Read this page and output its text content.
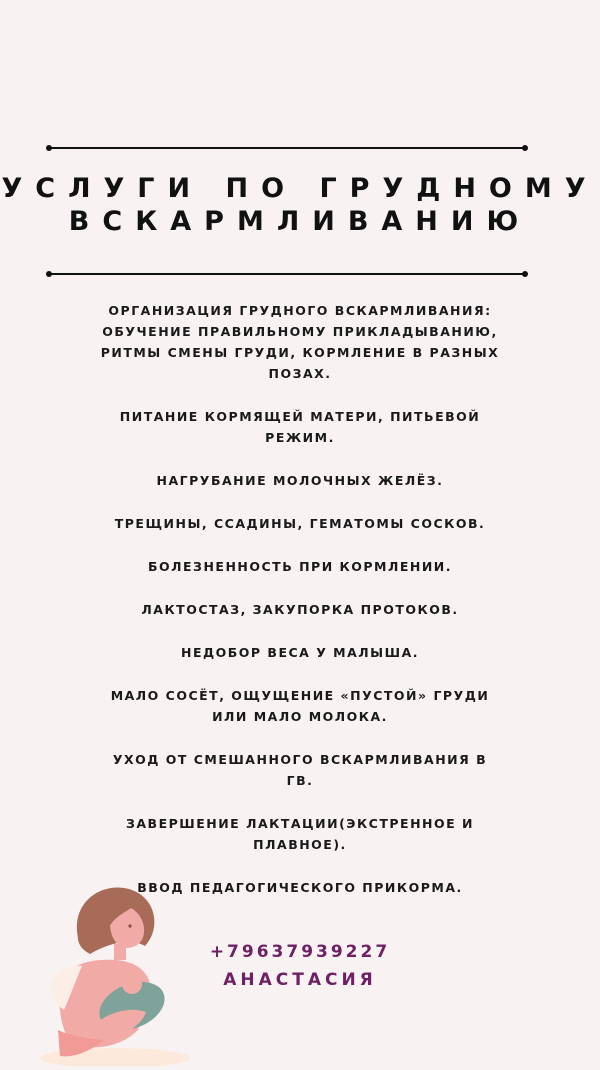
УСЛУГИ ПО ГРУДНОМУ ВСКАРМЛИВАНИЮ
ОРГАНИЗАЦИЯ ГРУДНОГО ВСКАРМЛИВАНИЯ: ОБУЧЕНИЕ ПРАВИЛЬНОМУ ПРИКЛАДЫВАНИЮ, РИТМЫ СМЕНЫ ГРУДИ, КОРМЛЕНИЕ В РАЗНЫХ ПОЗАХ.
ПИТАНИЕ КОРМЯЩЕЙ МАТЕРИ, ПИТЬЕВОЙ РЕЖИМ.
НАГРУБАНИЕ МОЛОЧНЫХ ЖЕЛЁЗ.
ТРЕЩИНЫ, ССАДИНЫ, ГЕМАТОМЫ СОСКОВ.
БОЛЕЗНЕННОСТЬ ПРИ КОРМЛЕНИИ.
ЛАКТОСТАЗ, ЗАКУПОРКА ПРОТОКОВ.
НЕДОБОР ВЕСА У МАЛЫША.
МАЛО СОСЁТ, ОЩУЩЕНИЕ «ПУСТОЙ» ГРУДИ ИЛИ МАЛО МОЛОКА.
УХОД ОТ СМЕШАННОГО ВСКАРМЛИВАНИЯ В ГВ.
ЗАВЕРШЕНИЕ ЛАКТАЦИИ(ЭКСТРЕННОЕ И ПЛАВНОЕ).
ВВОД ПЕДАГОГИЧЕСКОГО ПРИКОРМА.
+79637939227
АНАСТАСИЯ
